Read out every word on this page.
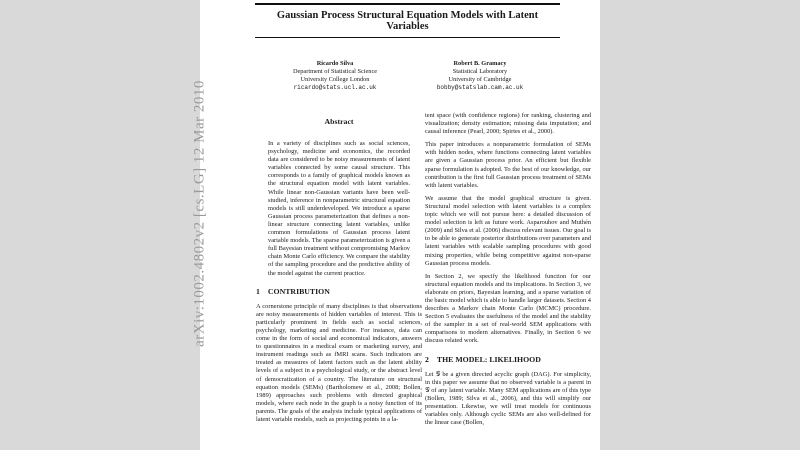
arXiv:1002.4802v2 [cs.LG] 12 Mar 2010
Gaussian Process Structural Equation Models with Latent Variables
Ricardo Silva
Department of Statistical Science
University College London
ricardo@stats.ucl.ac.uk
Robert B. Gramacy
Statistical Laboratory
University of Cambridge
bobby@statslab.cam.ac.uk
Abstract

In a variety of disciplines such as social sciences, psychology, medicine and economics, the recorded data are considered to be noisy measurements of latent variables connected by some causal structure. This corresponds to a family of graphical models known as the structural equation model with latent variables. While linear non-Gaussian variants have been well-studied, inference in nonparametric structural equation models is still underdeveloped. We introduce a sparse Gaussian process parameterization that defines a non-linear structure connecting latent variables, unlike common formulations of Gaussian process latent variable models. The sparse parameterization is given a full Bayesian treatment without compromising Markov chain Monte Carlo efficiency. We compare the stability of the sampling procedure and the predictive ability of the model against the current practice.

1 CONTRIBUTION

A cornerstone principle of many disciplines is that observations are noisy measurements of hidden variables of interest. This is particularly prominent in fields such as social sciences, psychology, marketing and medicine. For instance, data can come in the form of social and economical indicators, answers to questionnaires in a medical exam or marketing survey, and instrument readings such as fMRI scans. Such indicators are treated as measures of latent factors such as the latent ability levels of a subject in a psychological study, or the abstract level of democratization of a country. The literature on structural equation models (SEMs) (Bartholomew et al., 2008; Bollen, 1989) approaches such problems with directed graphical models, where each node in the graph is a noisy function of its parents. The goals of the analysis include typical applications of latent variable models, such as projecting points in a la-

tent space (with confidence regions) for ranking, clustering and visualization; density estimation; missing data imputation; and causal inference (Pearl, 2000; Spirtes et al., 2000).

This paper introduces a nonparametric formulation of SEMs with hidden nodes, where functions connecting latent variables are given a Gaussian process prior. An efficient but flexible sparse formulation is adopted. To the best of our knowledge, our contribution is the first full Gaussian process treatment of SEMs with latent variables.

We assume that the model graphical structure is given. Structural model selection with latent variables is a complex topic which we will not pursue here: a detailed discussion of model selection is left as future work. Asparouhov and Muthén (2009) and Silva et al. (2006) discuss relevant issues. Our goal is to be able to generate posterior distributions over parameters and latent variables with scalable sampling procedures with good mixing properties, while being competitive against non-sparse Gaussian process models.

In Section 2, we specify the likelihood function for our structural equation models and its implications. In Section 3, we elaborate on priors, Bayesian learning, and a sparse variation of the basic model which is able to handle larger datasets. Section 4 describes a Markov chain Monte Carlo (MCMC) procedure. Section 5 evaluates the usefulness of the model and the stability of the sampler in a set of real-world SEM applications with comparisons to modern alternatives. Finally, in Section 6 we discuss related work.

2 THE MODEL: LIKELIHOOD

Let 𝒢 be a given directed acyclic graph (DAG). For simplicity, in this paper we assume that no observed variable is a parent in 𝒢 of any latent variable. Many SEM applications are of this type (Bollen, 1989; Silva et al., 2006), and this will simplify our presentation. Likewise, we will treat models for continuous variables only. Although cyclic SEMs are also well-defined for the linear case (Bollen,
